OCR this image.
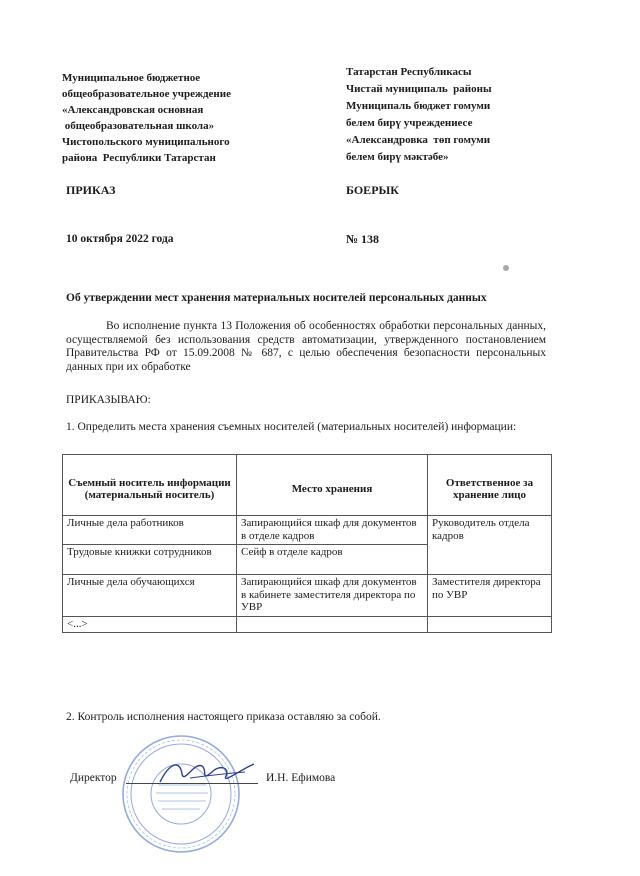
Муниципальное бюджетное
общеобразовательное учреждение
«Александровская основная
общеобразовательная школа»
Чистопольского муниципального
района  Республики Татарстан
Татарстан Республикасы
Чистай муниципаль  районы
Муниципаль бюджет гомуми
белем бирү учреждениесе
«Александровка  төп гомуми
белем бирү мәктәбе»
ПРИКАЗ	БОЕРЫК
10 октября 2022 года	№ 138
Об утверждении мест хранения материальных носителей персональных данных
Во исполнение пункта 13 Положения об особенностях обработки персональных данных, осуществляемой без использования средств автоматизации, утвержденного постановлением Правительства РФ от 15.09.2008 № 687, с целью обеспечения безопасности персональных данных при их обработке
ПРИКАЗЫВАЮ:
1. Определить места хранения съемных носителей (материальных носителей) информации:
Съемный носитель информации (материальный носитель)	Место хранения	Ответственное за хранение лицо
Личные дела работников	Запирающийся шкаф для документов в отделе кадров	Руководитель отдела кадров
Трудовые книжки сотрудников	Сейф в отделе кадров	
Личные дела обучающихся	Запирающийся шкаф для документов в кабинете заместителя директора по УВР	Заместителя директора по УВР
<...>		
2. Контроль исполнения настоящего приказа оставляю за собой.
Директор	И.Н. Ефимова
